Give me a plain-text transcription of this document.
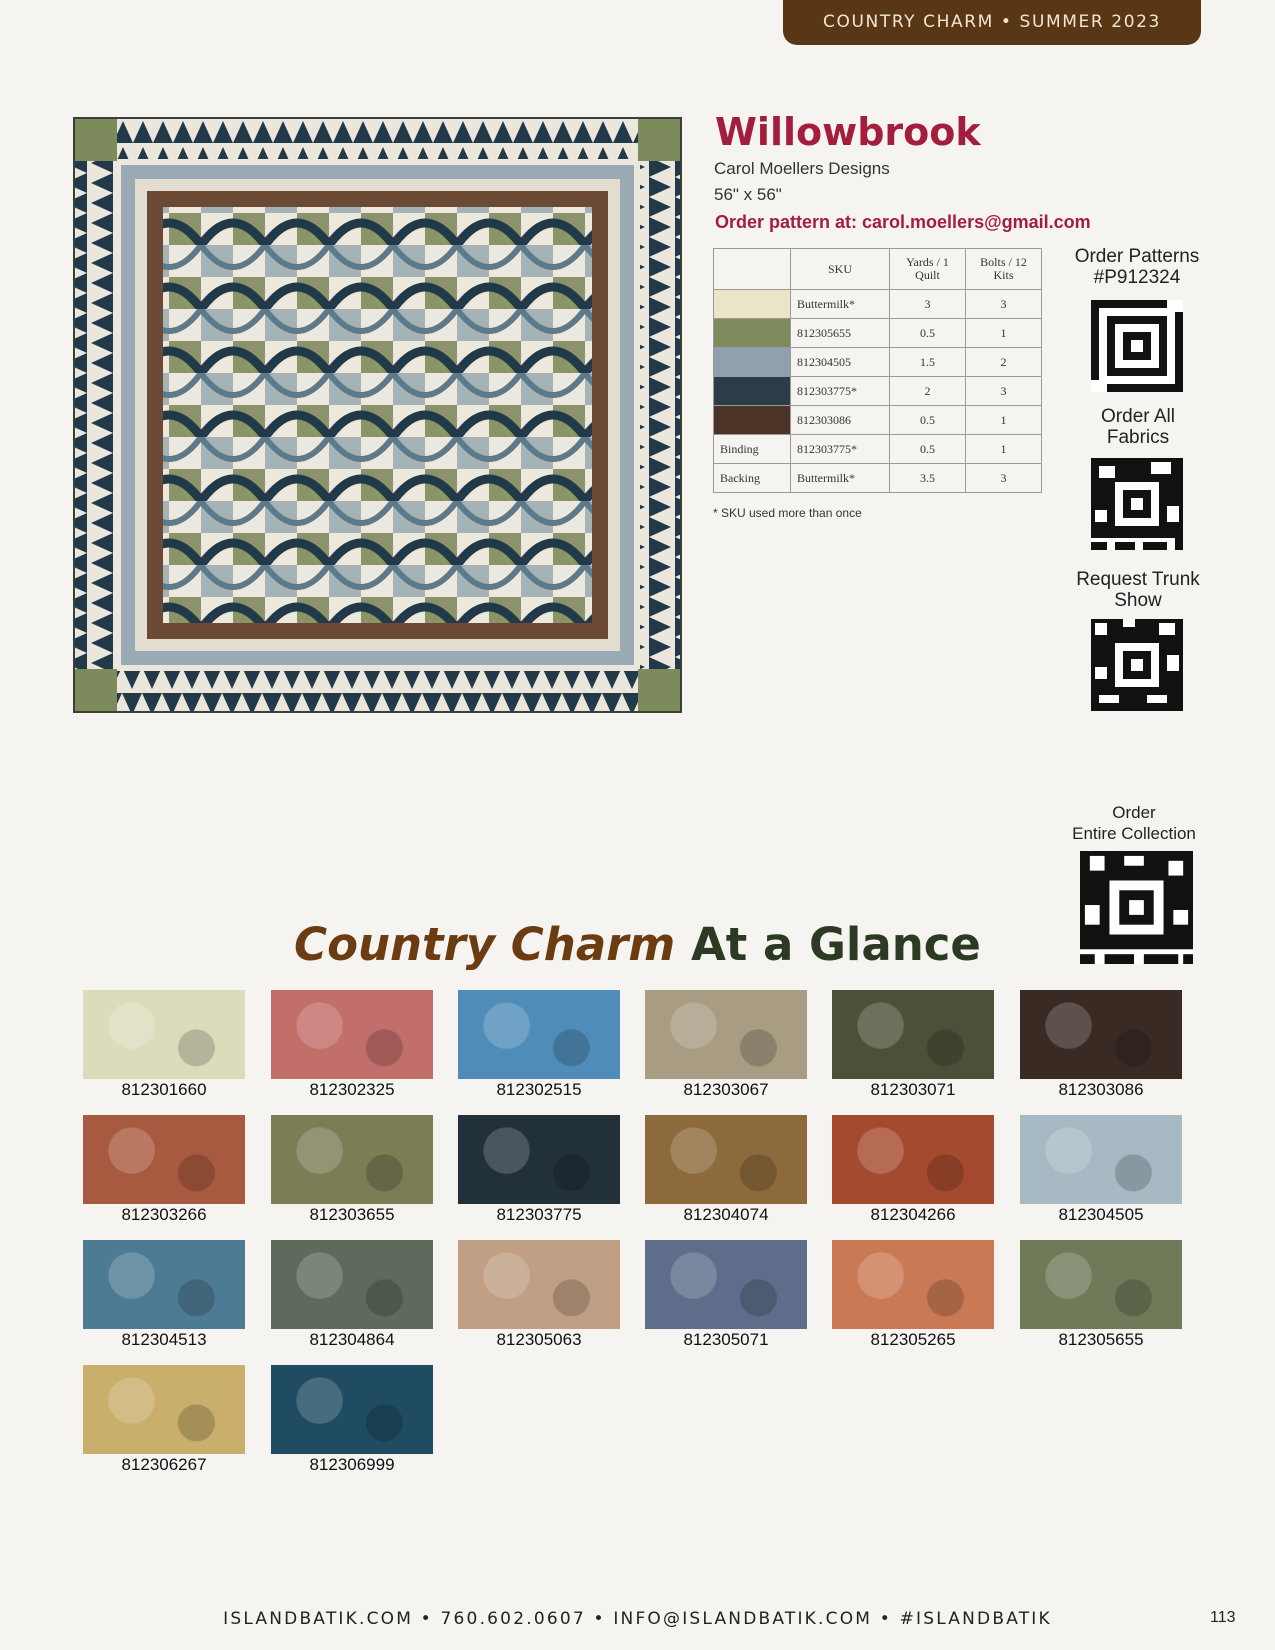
COUNTRY CHARM • SUMMER 2023
Willowbrook
Carol Moellers Designs
56" x 56"
Order pattern at: carol.moellers@gmail.com
	SKU	Yards / 1 Quilt	Bolts / 12 Kits
	Buttermilk*	3	3
	812305655	0.5	1
	812304505	1.5	2
	812303775*	2	3
	812303086	0.5	1
Binding	812303775*	0.5	1
Backing	Buttermilk*	3.5	3
* SKU used more than once
Order Patterns
#P912324
Order All
Fabrics
Request Trunk
Show
Order
Entire Collection
Country Charm At a Glance
812301660	812302325	812302515	812303067	812303071	812303086
812303266	812303655	812303775	812304074	812304266	812304505
812304513	812304864	812305063	812305071	812305265	812305655
812306267	812306999
ISLANDBATIK.COM • 760.602.0607 • INFO@ISLANDBATIK.COM • #ISLANDBATIK	113
